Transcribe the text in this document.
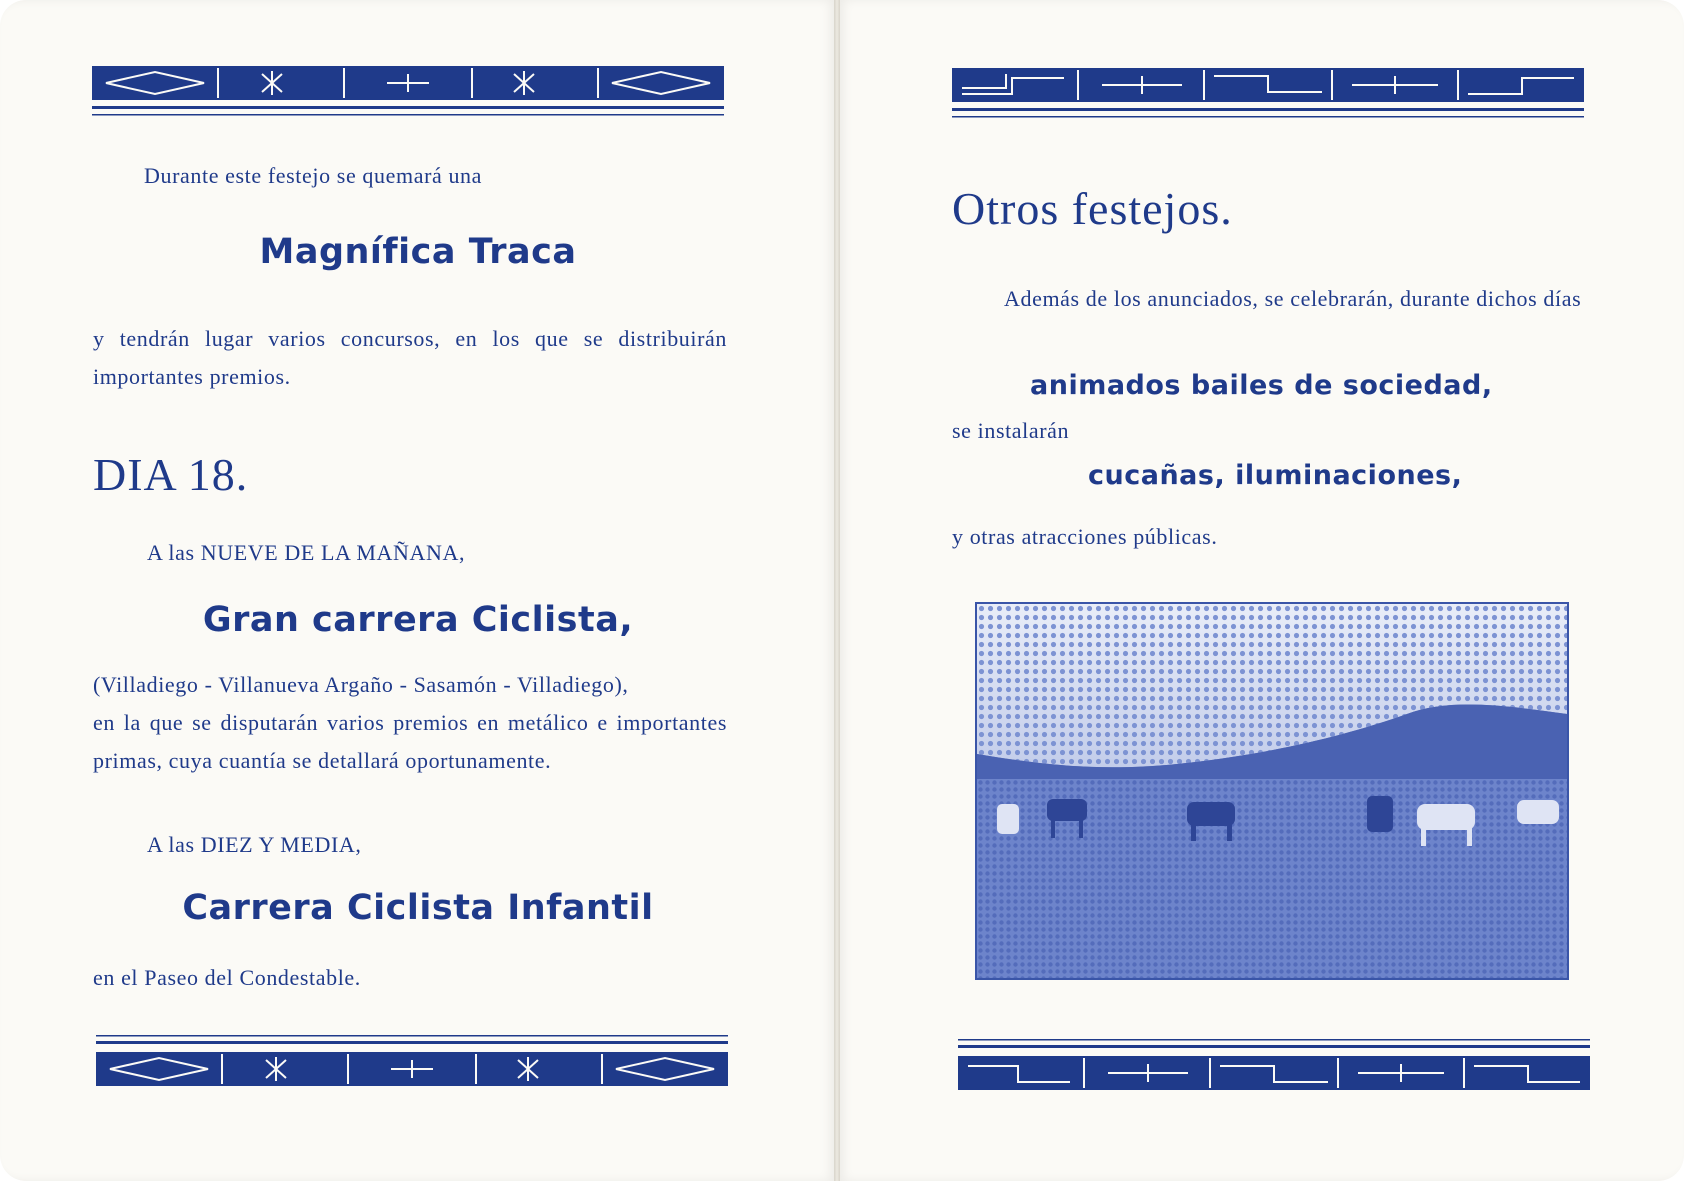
Durante este festejo se quemará una
Magnífica Traca
y tendrán lugar varios concursos, en los que se distribuirán importantes premios.
DIA 18.
A las NUEVE DE LA MAÑANA,
Gran carrera Ciclista,
(Villadiego - Villanueva Argaño - Sasamón - Villadiego),
en la que se disputarán varios premios en metálico e importantes primas, cuya cuantía se detallará oportunamente.
A las DIEZ Y MEDIA,
Carrera Ciclista Infantil
en el Paseo del Condestable.
Otros festejos.
Además de los anunciados, se celebrarán, durante dichos días
animados bailes de sociedad,
se instalarán
cucañas, iluminaciones,
y otras atracciones públicas.
